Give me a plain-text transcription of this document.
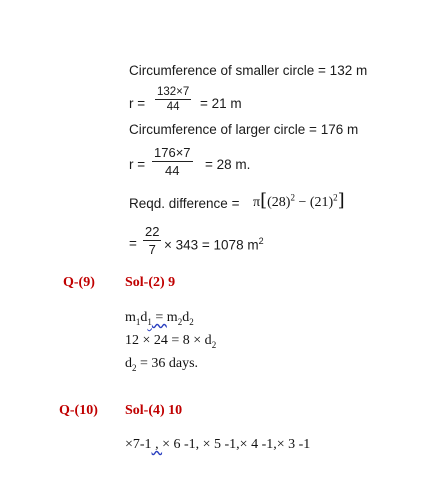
Circumference of smaller circle = 132 m
$r = \frac{132\times 7}{44} = 21$ m
Circumference of larger circle = 176 m
$r = \frac{176\times 7}{44} = 28$ m.
Reqd. difference = $\pi[(28)^2 - (21)^2]$
= $\frac{22}{7} \times 343 = 1078$ $m^2$
Q-(9) Sol-(2) 9
$m_1d_1 = m_2d_2$
$12 \times 24 = 8 \times d_2$
$d_2 = 36$ days.
Q-(10) Sol-(4) 10
×7-1 , × 6 -1, × 5 -1,× 4 -1,× 3 -1
